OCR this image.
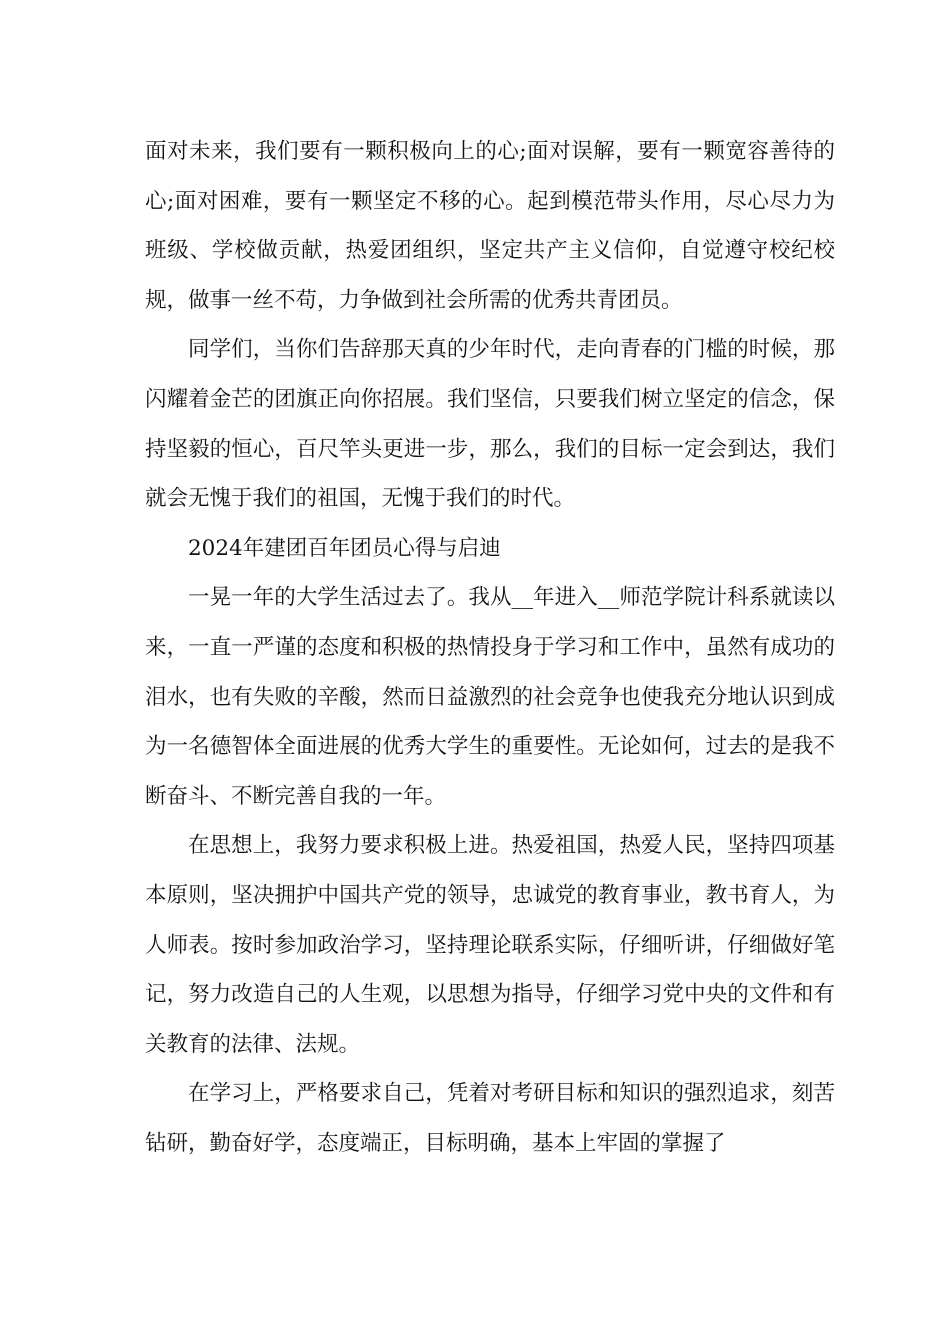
面对未来，我们要有一颗积极向上的心;面对误解，要有一颗宽容善待的心;面对困难，要有一颗坚定不移的心。起到模范带头作用，尽心尽力为班级、学校做贡献，热爱团组织，坚定共产主义信仰，自觉遵守校纪校规，做事一丝不苟，力争做到社会所需的优秀共青团员。

同学们，当你们告辞那天真的少年时代，走向青春的门槛的时候，那闪耀着金芒的团旗正向你招展。我们坚信，只要我们树立坚定的信念，保持坚毅的恒心，百尺竿头更进一步，那么，我们的目标一定会到达，我们就会无愧于我们的祖国，无愧于我们的时代。

2024年建团百年团员心得与启迪

一晃一年的大学生活过去了。我从__年进入__师范学院计科系就读以来，一直一严谨的态度和积极的热情投身于学习和工作中，虽然有成功的泪水，也有失败的辛酸，然而日益激烈的社会竞争也使我充分地认识到成为一名德智体全面进展的优秀大学生的重要性。无论如何，过去的是我不断奋斗、不断完善自我的一年。

在思想上，我努力要求积极上进。热爱祖国，热爱人民，坚持四项基本原则，坚决拥护中国共产党的领导，忠诚党的教育事业，教书育人，为人师表。按时参加政治学习，坚持理论联系实际，仔细听讲，仔细做好笔记，努力改造自己的人生观，以思想为指导，仔细学习党中央的文件和有关教育的法律、法规。

在学习上，严格要求自己，凭着对考研目标和知识的强烈追求，刻苦钻研，勤奋好学，态度端正，目标明确，基本上牢固的掌握了
